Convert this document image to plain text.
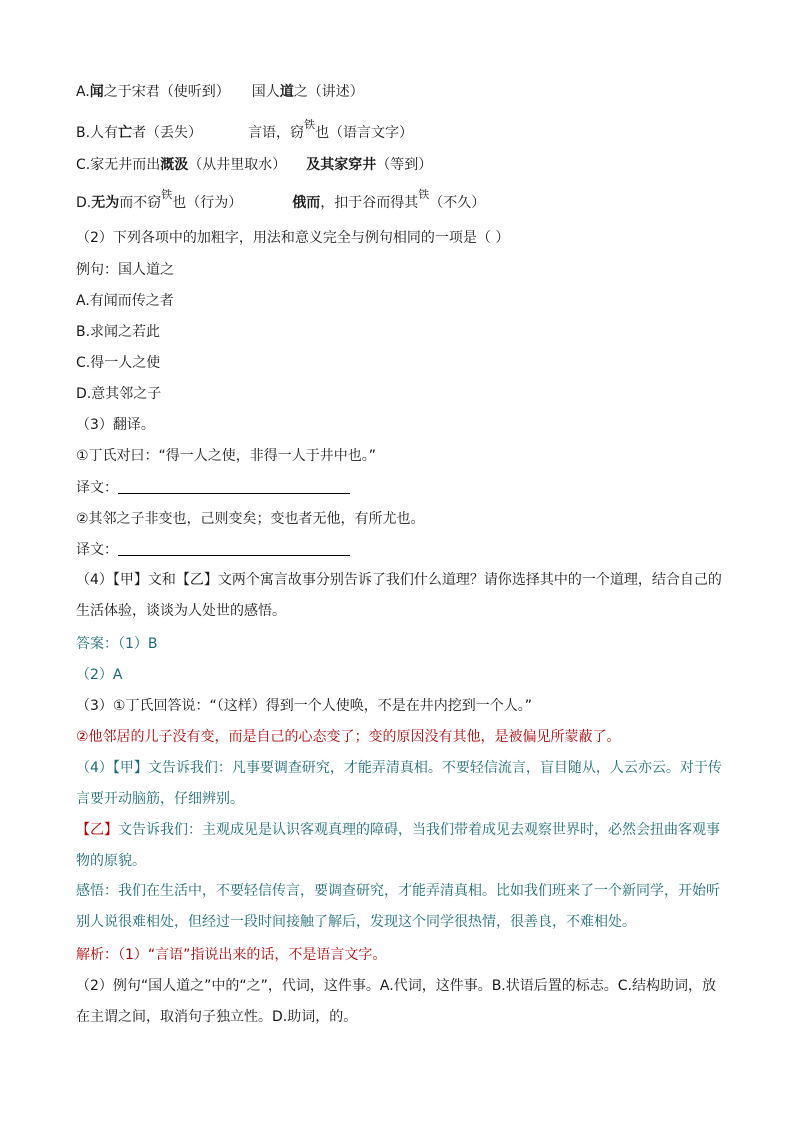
A.闻之于宋君（使听到） 国人道之（讲述）
B.人有亡者（丢失）	言语，窃$^铁$也（语言文字）
C.家无井而出溉汲（从井里取水） 及其家穿井（等到）
D.无为而不窃$^铁$也（行为）	俄而，扣于谷而得其$^铁$（不久）
（2）下列各项中的加粗字，用法和意义完全与例句相同的一项是（ ）
例句：国人道之
A.有闻而传之者
B.求闻之若此
C.得一人之使
D.意其邻之子
（3）翻译。
①丁氏对曰：“得一人之使，非得一人于井中也。”
译文：
②其邻之子非变也，己则变矣；变也者无他，有所尤也。
译文：
（4）【甲】文和【乙】文两个寓言故事分别告诉了我们什么道理？请你选择其中的一个道理，结合自己的生活体验，谈谈为人处世的感悟。
答案：（1）B
（2）A
（3）①丁氏回答说：“（这样）得到一个人使唤，不是在井内挖到一个人。”
②他邻居的儿子没有变，而是自己的心态变了；变的原因没有其他，是被偏见所蒙蔽了。
（4）【甲】文告诉我们：凡事要调查研究，才能弄清真相。不要轻信流言，盲目随从，人云亦云。对于传言要开动脑筋，仔细辨别。
【乙】文告诉我们：主观成见是认识客观真理的障碍，当我们带着成见去观察世界时，必然会扭曲客观事物的原貌。
感悟：我们在生活中，不要轻信传言，要调查研究，才能弄清真相。比如我们班来了一个新同学，开始听别人说很难相处，但经过一段时间接触了解后，发现这个同学很热情，很善良，不难相处。
解析：（1）“言语”指说出来的话，不是语言文字。
（2）例句“国人道之”中的“之”，代词，这件事。A.代词，这件事。B.状语后置的标志。C.结构助词，放在主谓之间，取消句子独立性。D.助词，的。
